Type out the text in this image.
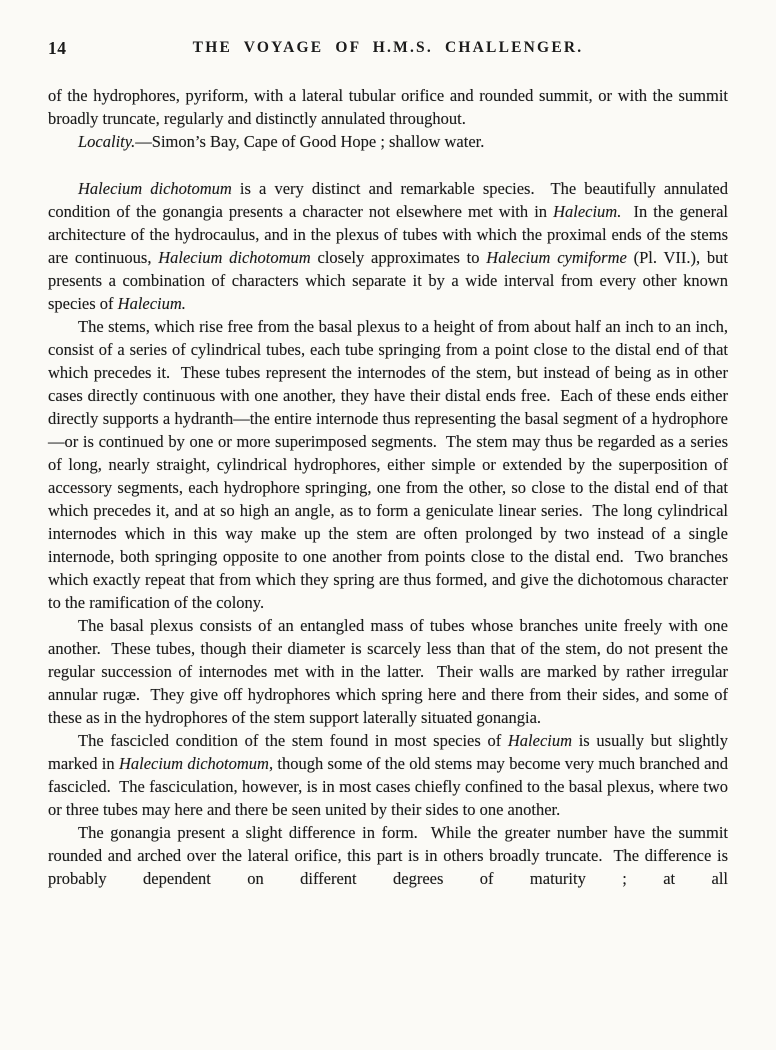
14	THE VOYAGE OF H.M.S. CHALLENGER.

of the hydrophores, pyriform, with a lateral tubular orifice and rounded summit, or with the summit broadly truncate, regularly and distinctly annulated throughout.

Locality.—Simon’s Bay, Cape of Good Hope ; shallow water.

Halecium dichotomum is a very distinct and remarkable species.  The beautifully annulated condition of the gonangia presents a character not elsewhere met with in Halecium.  In the general architecture of the hydrocaulus, and in the plexus of tubes with which the proximal ends of the stems are continuous, Halecium dichotomum closely approximates to Halecium cymiforme (Pl. VII.), but presents a combination of characters which separate it by a wide interval from every other known species of Halecium.

The stems, which rise free from the basal plexus to a height of from about half an inch to an inch, consist of a series of cylindrical tubes, each tube springing from a point close to the distal end of that which precedes it.  These tubes represent the internodes of the stem, but instead of being as in other cases directly continuous with one another, they have their distal ends free.  Each of these ends either directly supports a hydranth—the entire internode thus representing the basal segment of a hydrophore—or is continued by one or more superimposed segments.  The stem may thus be regarded as a series of long, nearly straight, cylindrical hydrophores, either simple or extended by the superposition of accessory segments, each hydrophore springing, one from the other, so close to the distal end of that which precedes it, and at so high an angle, as to form a geniculate linear series.  The long cylindrical internodes which in this way make up the stem are often prolonged by two instead of a single internode, both springing opposite to one another from points close to the distal end.  Two branches which exactly repeat that from which they spring are thus formed, and give the dichotomous character to the ramification of the colony.

The basal plexus consists of an entangled mass of tubes whose branches unite freely with one another.  These tubes, though their diameter is scarcely less than that of the stem, do not present the regular succession of internodes met with in the latter.  Their walls are marked by rather irregular annular rugæ.  They give off hydrophores which spring here and there from their sides, and some of these as in the hydrophores of the stem support laterally situated gonangia.

The fascicled condition of the stem found in most species of Halecium is usually but slightly marked in Halecium dichotomum, though some of the old stems may become very much branched and fascicled.  The fasciculation, however, is in most cases chiefly confined to the basal plexus, where two or three tubes may here and there be seen united by their sides to one another.

The gonangia present a slight difference in form.  While the greater number have the summit rounded and arched over the lateral orifice, this part is in others broadly truncate.  The difference is probably dependent on different degrees of maturity ; at all
